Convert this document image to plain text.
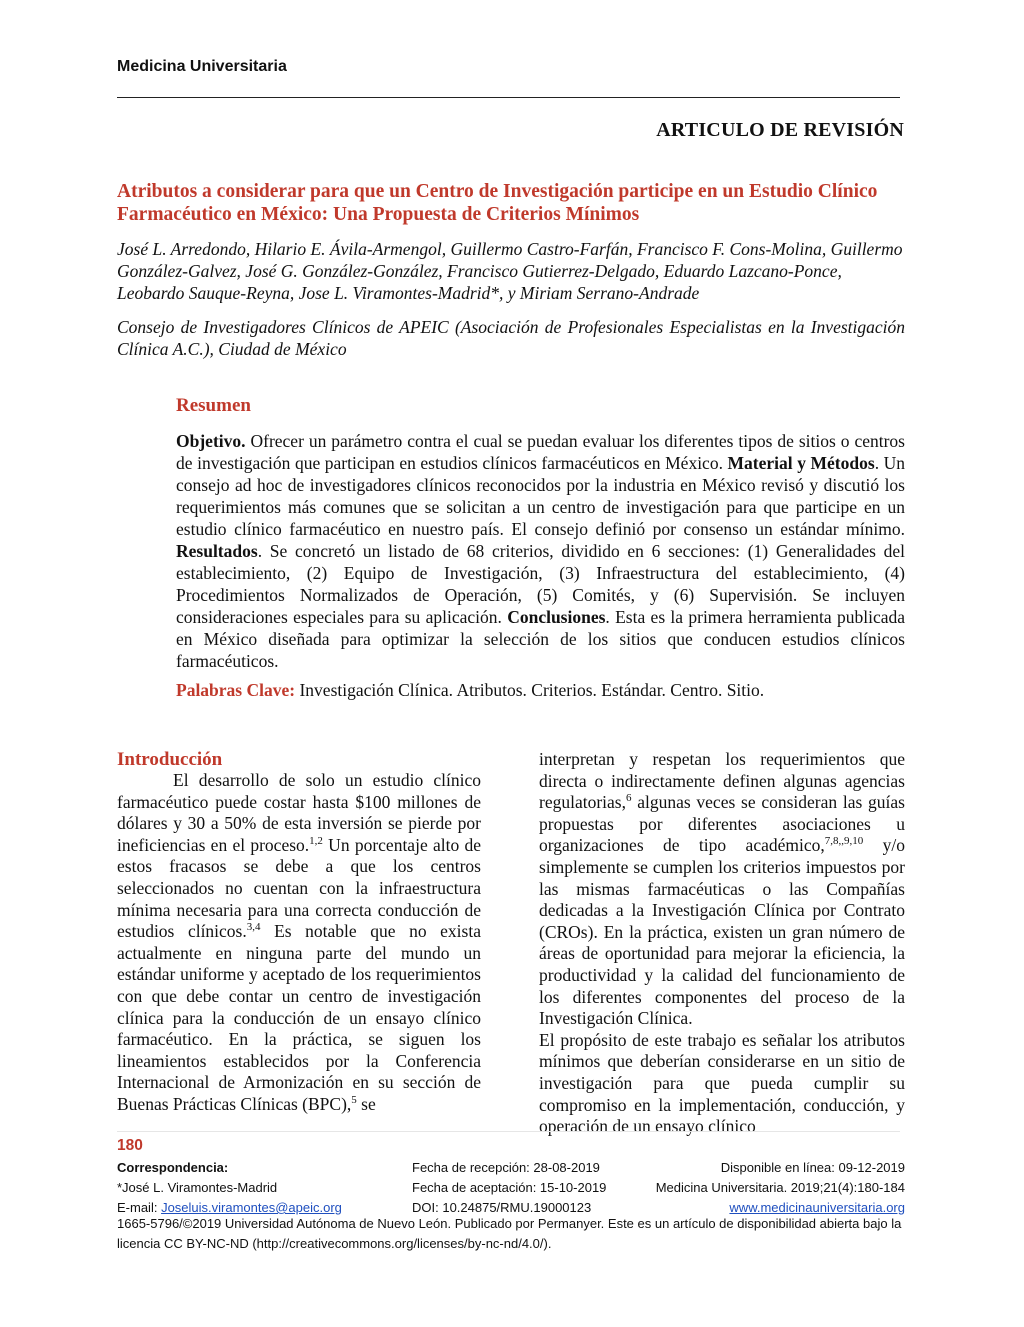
Medicina Universitaria
ARTICULO DE REVISIÓN
Atributos a considerar para que un Centro de Investigación participe en un Estudio Clínico Farmacéutico en México: Una Propuesta de Criterios Mínimos
José L. Arredondo, Hilario E. Ávila-Armengol, Guillermo Castro-Farfán, Francisco F. Cons-Molina, Guillermo González-Galvez, José G. González-González, Francisco Gutierrez-Delgado, Eduardo Lazcano-Ponce, Leobardo Sauque-Reyna, Jose L. Viramontes-Madrid*, y Miriam Serrano-Andrade
Consejo de Investigadores Clínicos de APEIC (Asociación de Profesionales Especialistas en la Investigación Clínica A.C.), Ciudad de México
Resumen
Objetivo. Ofrecer un parámetro contra el cual se puedan evaluar los diferentes tipos de sitios o centros de investigación que participan en estudios clínicos farmacéuticos en México. Material y Métodos. Un consejo ad hoc de investigadores clínicos reconocidos por la industria en México revisó y discutió los requerimientos más comunes que se solicitan a un centro de investigación para que participe en un estudio clínico farmacéutico en nuestro país. El consejo definió por consenso un estándar mínimo. Resultados. Se concretó un listado de 68 criterios, dividido en 6 secciones: (1) Generalidades del establecimiento, (2) Equipo de Investigación, (3) Infraestructura del establecimiento, (4) Procedimientos Normalizados de Operación, (5) Comités, y (6) Supervisión. Se incluyen consideraciones especiales para su aplicación. Conclusiones. Esta es la primera herramienta publicada en México diseñada para optimizar la selección de los sitios que conducen estudios clínicos farmacéuticos.
Palabras Clave: Investigación Clínica. Atributos. Criterios. Estándar. Centro. Sitio.
Introducción

El desarrollo de solo un estudio clínico farmacéutico puede costar hasta $100 millones de dólares y 30 a 50% de esta inversión se pierde por ineficiencias en el proceso.$^{1,2}$ Un porcentaje alto de estos fracasos se debe a que los centros seleccionados no cuentan con la infraestructura mínima necesaria para una correcta conducción de estudios clínicos.$^{3,4}$ Es notable que no exista actualmente en ninguna parte del mundo un estándar uniforme y aceptado de los requerimientos con que debe contar un centro de investigación clínica para la conducción de un ensayo clínico farmacéutico. En la práctica, se siguen los lineamientos establecidos por la Conferencia Internacional de Armonización en su sección de Buenas Prácticas Clínicas (BPC),$^5$ se

interpretan y respetan los requerimientos que directa o indirectamente definen algunas agencias regulatorias,$^6$ algunas veces se consideran las guías propuestas por diferentes asociaciones u organizaciones de tipo académico,$^{7,8,,9,10}$ y/o simplemente se cumplen los criterios impuestos por las mismas farmacéuticas o las Compañías dedicadas a la Investigación Clínica por Contrato (CROs). En la práctica, existen un gran número de áreas de oportunidad para mejorar la eficiencia, la productividad y la calidad del funcionamiento de los diferentes componentes del proceso de la Investigación Clínica.

El propósito de este trabajo es señalar los atributos mínimos que deberían considerarse en un sitio de investigación para que pueda cumplir su compromiso en la implementación, conducción, y operación de un ensayo clínico

180
Correspondencia:
*José L. Viramontes-Madrid
E-mail: Joseluis.viramontes@apeic.org
Fecha de recepción: 28-08-2019
Fecha de aceptación: 15-10-2019
DOI: 10.24875/RMU.19000123
Disponible en línea: 09-12-2019
Medicina Universitaria. 2019;21(4):180-184
www.medicinauniversitaria.org
1665-5796/©2019 Universidad Autónoma de Nuevo León. Publicado por Permanyer. Este es un artículo de disponibilidad abierta bajo la licencia CC BY-NC-ND (http://creativecommons.org/licenses/by-nc-nd/4.0/).
